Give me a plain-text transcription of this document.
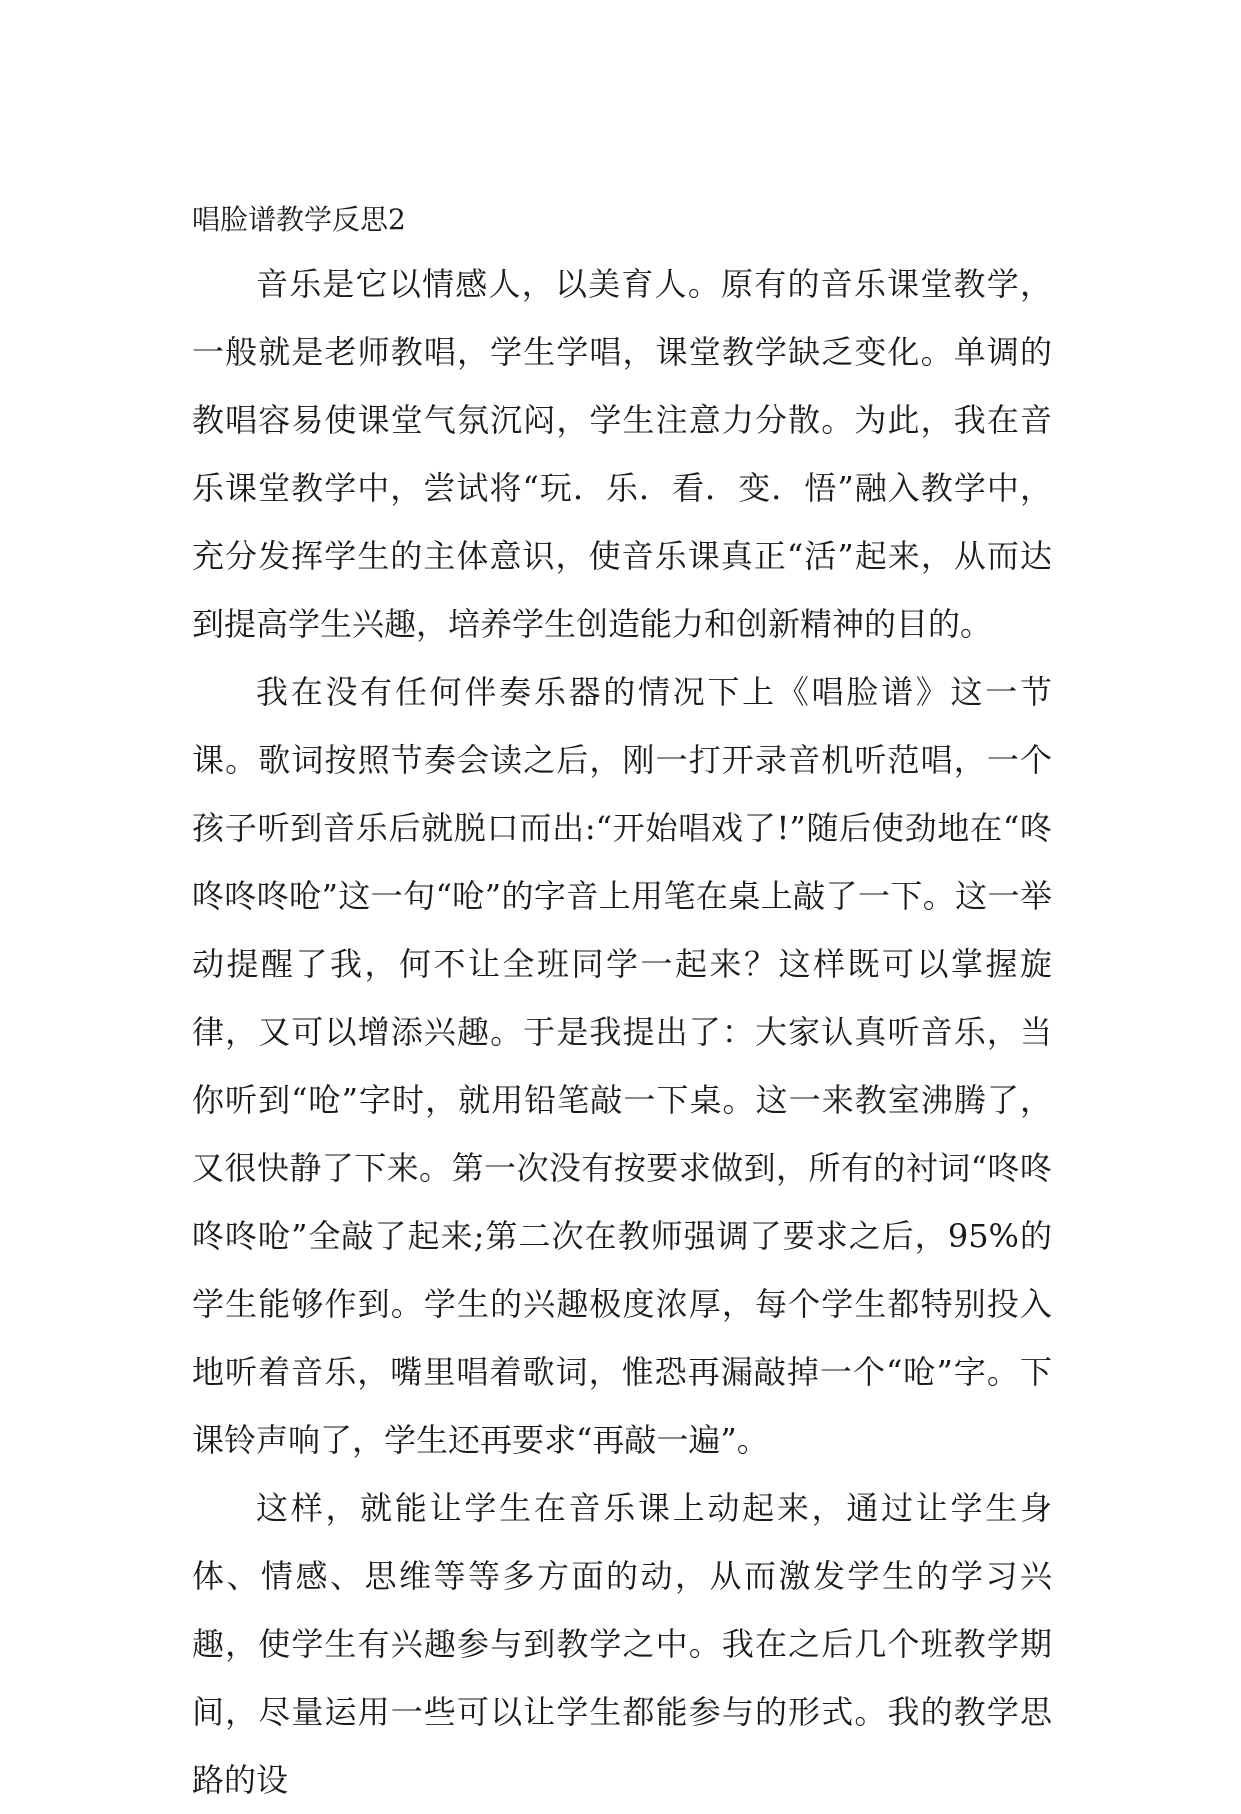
唱脸谱教学反思2

音乐是它以情感人，以美育人。原有的音乐课堂教学，一般就是老师教唱，学生学唱，课堂教学缺乏变化。单调的教唱容易使课堂气氛沉闷，学生注意力分散。为此，我在音乐课堂教学中，尝试将“玩．乐．看．变．悟”融入教学中，充分发挥学生的主体意识，使音乐课真正“活”起来，从而达到提高学生兴趣，培养学生创造能力和创新精神的目的。

我在没有任何伴奏乐器的情况下上《唱脸谱》这一节课。歌词按照节奏会读之后，刚一打开录音机听范唱，一个孩子听到音乐后就脱口而出:“开始唱戏了!”随后使劲地在“咚咚咚咚呛”这一句“呛”的字音上用笔在桌上敲了一下。这一举动提醒了我，何不让全班同学一起来？这样既可以掌握旋律，又可以增添兴趣。于是我提出了：大家认真听音乐，当你听到“呛”字时，就用铅笔敲一下桌。这一来教室沸腾了，又很快静了下来。第一次没有按要求做到，所有的衬词“咚咚咚咚呛”全敲了起来;第二次在教师强调了要求之后，95%的学生能够作到。学生的兴趣极度浓厚，每个学生都特别投入地听着音乐，嘴里唱着歌词，惟恐再漏敲掉一个“呛”字。下课铃声响了，学生还再要求“再敲一遍”。

这样，就能让学生在音乐课上动起来，通过让学生身体、情感、思维等等多方面的动，从而激发学生的学习兴趣，使学生有兴趣参与到教学之中。我在之后几个班教学期间，尽量运用一些可以让学生都能参与的形式。我的教学思路的设
